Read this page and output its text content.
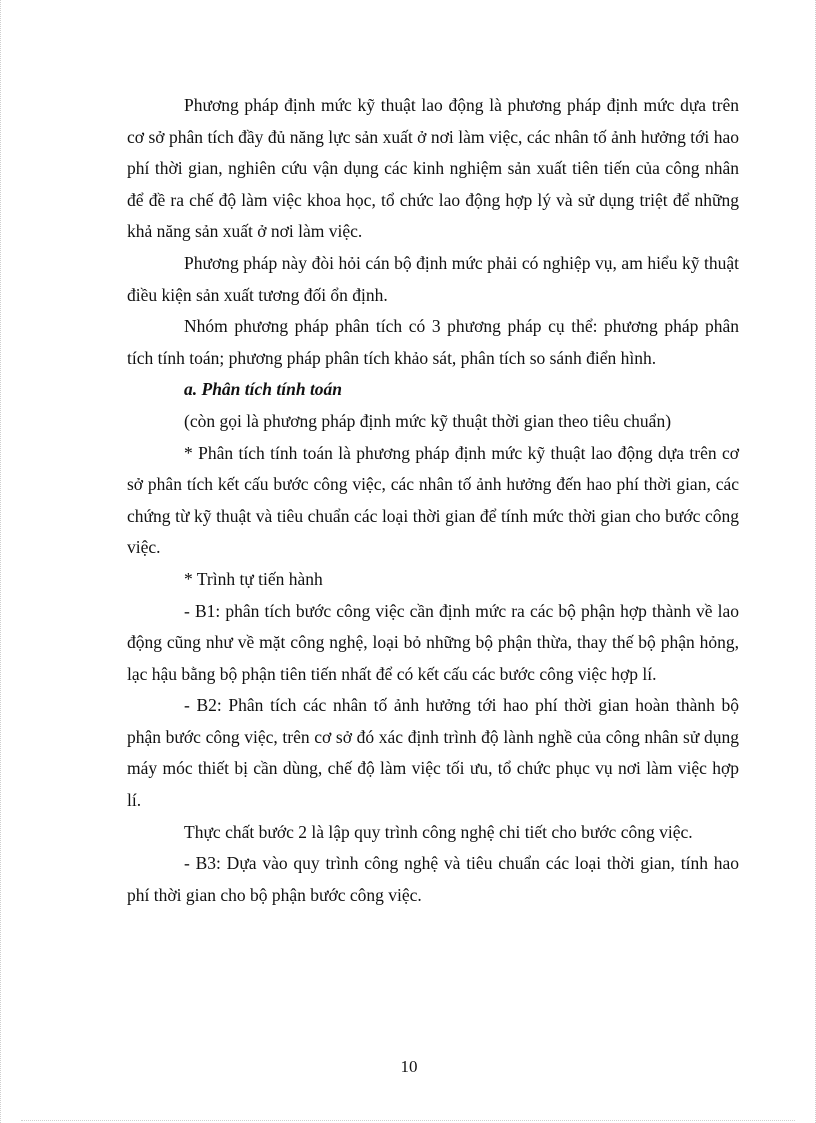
Phương pháp định mức kỹ thuật lao động là phương pháp định mức dựa trên cơ sở phân tích đầy đủ năng lực sản xuất ở nơi làm việc, các nhân tố ảnh hưởng tới hao phí thời gian, nghiên cứu vận dụng các kinh nghiệm sản xuất tiên tiến của công nhân để đề ra chế độ làm việc khoa học, tổ chức lao động hợp lý và sử dụng triệt để những khả năng sản xuất ở nơi làm việc.

Phương pháp này đòi hỏi cán bộ định mức phải có nghiệp vụ, am hiểu kỹ thuật điều kiện sản xuất tương đối ổn định.

Nhóm phương pháp phân tích có 3 phương pháp cụ thể: phương pháp phân tích tính toán; phương pháp phân tích khảo sát, phân tích so sánh điển hình.

a. Phân tích tính toán

(còn gọi là phương pháp định mức kỹ thuật thời gian theo tiêu chuẩn)

* Phân tích tính toán là phương pháp định mức kỹ thuật lao động dựa trên cơ sở phân tích kết cấu bước công việc, các nhân tố ảnh hưởng đến hao phí thời gian, các chứng từ kỹ thuật và tiêu chuẩn các loại thời gian để tính mức thời gian cho bước công việc.

* Trình tự tiến hành

- B1: phân tích bước công việc cần định mức ra các bộ phận hợp thành về lao động cũng như về mặt công nghệ, loại bỏ những bộ phận thừa, thay thế bộ phận hỏng, lạc hậu bằng bộ phận tiên tiến nhất để có kết cấu các bước công việc hợp lí.

- B2: Phân tích các nhân tố ảnh hưởng tới hao phí thời gian hoàn thành bộ phận bước công việc, trên cơ sở đó xác định trình độ lành nghề của công nhân sử dụng máy móc thiết bị cần dùng, chế độ làm việc tối ưu, tổ chức phục vụ nơi làm việc hợp lí.

Thực chất bước 2 là lập quy trình công nghệ chi tiết cho bước công việc.

- B3: Dựa vào quy trình công nghệ và tiêu chuẩn các loại thời gian, tính hao phí thời gian cho bộ phận bước công việc.

10
